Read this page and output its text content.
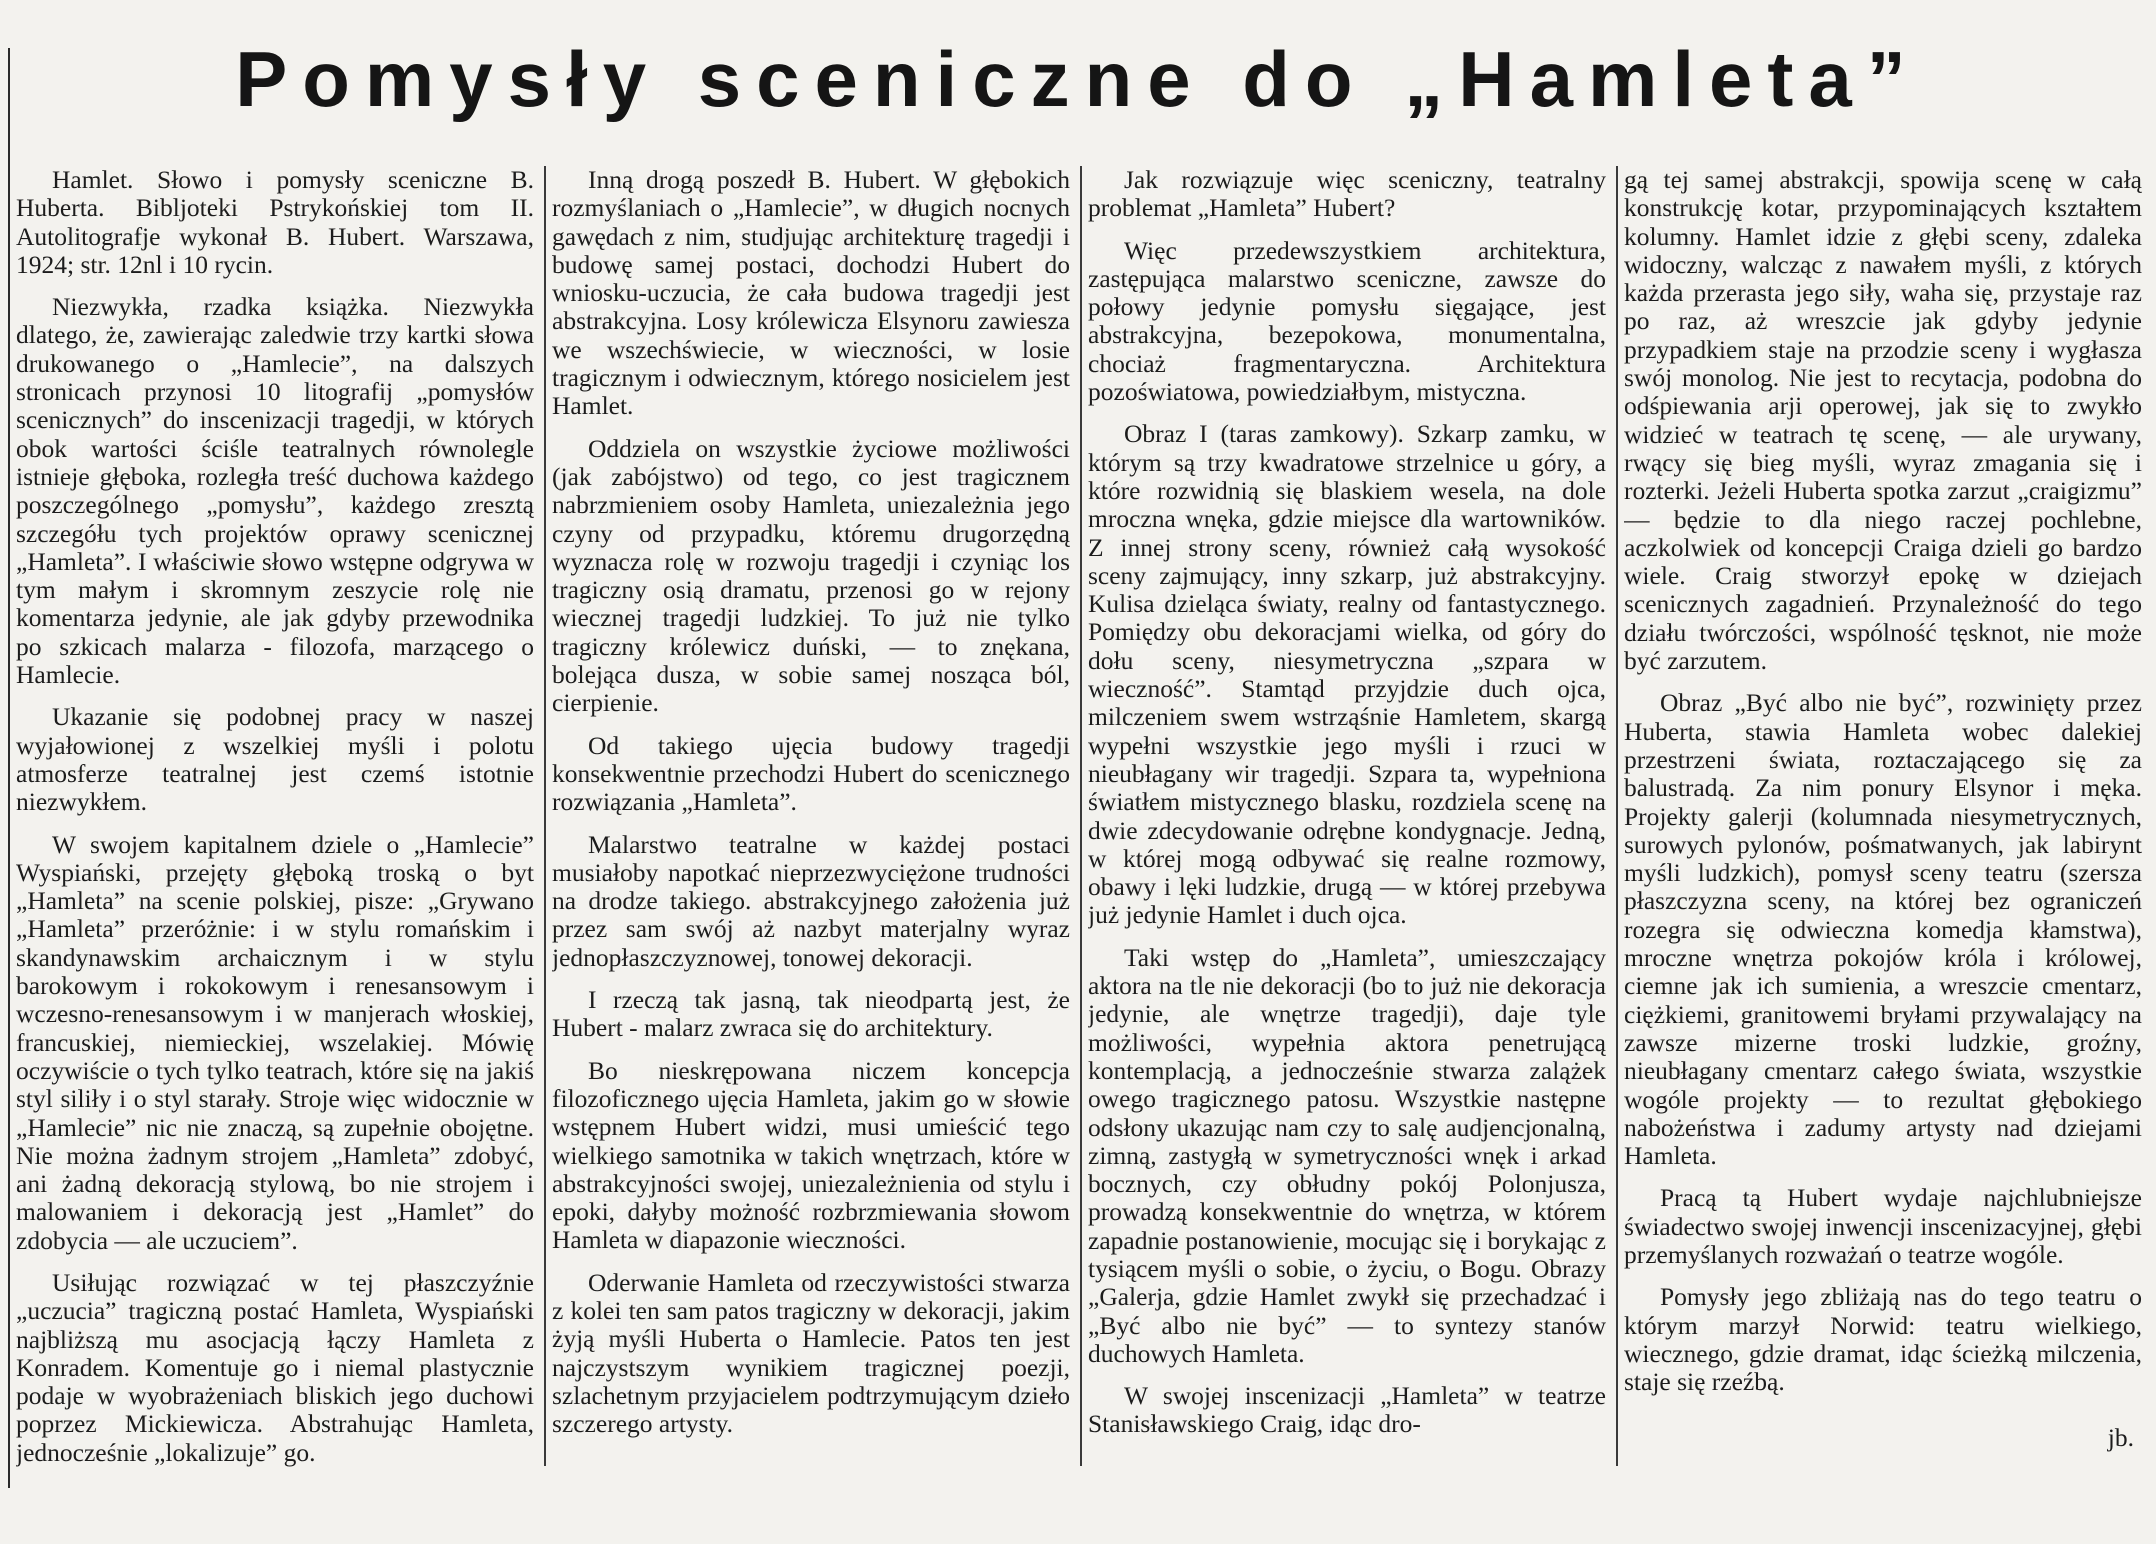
Pomysły sceniczne do „Hamleta”

Hamlet. Słowo i pomysły sceniczne B. Huberta. Bibljoteki Pstrykońskiej tom II. Autolitografje wykonał B. Hubert. Warszawa, 1924; str. 12nl i 10 rycin.

Niezwykła, rzadka książka. Niezwykła dlatego, że, zawierając zaledwie trzy kartki słowa drukowanego o „Hamlecie”, na dalszych stronicach przynosi 10 litografij „pomysłów scenicznych” do inscenizacji tragedji, w których obok wartości ściśle teatralnych równolegle istnieje głęboka, rozległa treść duchowa każdego poszczególnego „pomysłu”, każdego zresztą szczegółu tych projektów oprawy scenicznej „Hamleta”. I właściwie słowo wstępne odgrywa w tym małym i skromnym zeszycie rolę nie komentarza jedynie, ale jak gdyby przewodnika po szkicach malarza - filozofa, marzącego o Hamlecie.

Ukazanie się podobnej pracy w naszej wyjałowionej z wszelkiej myśli i polotu atmosferze teatralnej jest czemś istotnie niezwykłem.

W swojem kapitalnem dziele o „Hamlecie” Wyspiański, przejęty głęboką troską o byt „Hamleta” na scenie polskiej, pisze: „Grywano „Hamleta” przeróżnie: i w stylu romańskim i skandynawskim archaicznym i w stylu barokowym i rokokowym i renesansowym i wczesno-renesansowym i w manjerach włoskiej, francuskiej, niemieckiej, wszelakiej. Mówię oczywiście o tych tylko teatrach, które się na jakiś styl siliły i o styl starały. Stroje więc widocznie w „Hamlecie” nic nie znaczą, są zupełnie obojętne. Nie można żadnym strojem „Hamleta” zdobyć, ani żadną dekoracją stylową, bo nie strojem i malowaniem i dekoracją jest „Hamlet” do zdobycia — ale uczuciem”.

Usiłując rozwiązać w tej płaszczyźnie „uczucia” tragiczną postać Hamleta, Wyspiański najbliższą mu asocjacją łączy Hamleta z Konradem. Komentuje go i niemal plastycznie podaje w wyobrażeniach bliskich jego duchowi poprzez Mickiewicza. Abstrahując Hamleta, jednocześnie „lokalizuje” go.

Inną drogą poszedł B. Hubert. W głębokich rozmyślaniach o „Hamlecie”, w długich nocnych gawędach z nim, studjując architekturę tragedji i budowę samej postaci, dochodzi Hubert do wniosku-uczucia, że cała budowa tragedji jest abstrakcyjna. Losy królewicza Elsynoru zawiesza we wszechświecie, w wieczności, w losie tragicznym i odwiecznym, którego nosicielem jest Hamlet.

Oddziela on wszystkie życiowe możliwości (jak zabójstwo) od tego, co jest tragicznem nabrzmieniem osoby Hamleta, uniezależnia jego czyny od przypadku, któremu drugorzędną wyznacza rolę w rozwoju tragedji i czyniąc los tragiczny osią dramatu, przenosi go w rejony wiecznej tragedji ludzkiej. To już nie tylko tragiczny królewicz duński, — to znękana, bolejąca dusza, w sobie samej nosząca ból, cierpienie.

Od takiego ujęcia budowy tragedji konsekwentnie przechodzi Hubert do scenicznego rozwiązania „Hamleta”.

Malarstwo teatralne w każdej postaci musiałoby napotkać nieprzezwyciężone trudności na drodze takiego. abstrakcyjnego założenia już przez sam swój aż nazbyt materjalny wyraz jednopłaszczyznowej, tonowej dekoracji.

I rzeczą tak jasną, tak nieodpartą jest, że Hubert - malarz zwraca się do architektury.

Bo nieskrępowana niczem koncepcja filozoficznego ujęcia Hamleta, jakim go w słowie wstępnem Hubert widzi, musi umieścić tego wielkiego samotnika w takich wnętrzach, które w abstrakcyjności swojej, uniezależnienia od stylu i epoki, dałyby możność rozbrzmiewania słowom Hamleta w diapazonie wieczności.

Oderwanie Hamleta od rzeczywistości stwarza z kolei ten sam patos tragiczny w dekoracji, jakim żyją myśli Huberta o Hamlecie. Patos ten jest najczystszym wynikiem tragicznej poezji, szlachetnym przyjacielem podtrzymującym dzieło szczerego artysty.

Jak rozwiązuje więc sceniczny, teatralny problemat „Hamleta” Hubert?

Więc przedewszystkiem architektura, zastępująca malarstwo sceniczne, zawsze do połowy jedynie pomysłu sięgające, jest abstrakcyjna, bezepokowa, monumentalna, chociaż fragmentaryczna. Architektura pozoświatowa, powiedziałbym, mistyczna.

Obraz I (taras zamkowy). Szkarp zamku, w którym są trzy kwadratowe strzelnice u góry, a które rozwidnią się blaskiem wesela, na dole mroczna wnęka, gdzie miejsce dla wartowników. Z innej strony sceny, również całą wysokość sceny zajmujący, inny szkarp, już abstrakcyjny. Kulisa dzieląca światy, realny od fantastycznego. Pomiędzy obu dekoracjami wielka, od góry do dołu sceny, niesymetryczna „szpara w wieczność”. Stamtąd przyjdzie duch ojca, milczeniem swem wstrząśnie Hamletem, skargą wypełni wszystkie jego myśli i rzuci w nieubłagany wir tragedji. Szpara ta, wypełniona światłem mistycznego blasku, rozdziela scenę na dwie zdecydowanie odrębne kondygnacje. Jedną, w której mogą odbywać się realne rozmowy, obawy i lęki ludzkie, drugą — w której przebywa już jedynie Hamlet i duch ojca.

Taki wstęp do „Hamleta”, umieszczający aktora na tle nie dekoracji (bo to już nie dekoracja jedynie, ale wnętrze tragedji), daje tyle możliwości, wypełnia aktora penetrującą kontemplacją, a jednocześnie stwarza zalążek owego tragicznego patosu. Wszystkie następne odsłony ukazując nam czy to salę audjencjonalną, zimną, zastygłą w symetryczności wnęk i arkad bocznych, czy obłudny pokój Polonjusza, prowadzą konsekwentnie do wnętrza, w którem zapadnie postanowienie, mocując się i borykając z tysiącem myśli o sobie, o życiu, o Bogu. Obrazy „Galerja, gdzie Hamlet zwykł się przechadzać i „Być albo nie być” — to syntezy stanów duchowych Hamleta.

W swojej inscenizacji „Hamleta” w teatrze Stanisławskiego Craig, idąc dro-

gą tej samej abstrakcji, spowija scenę w całą konstrukcję kotar, przypominających kształtem kolumny. Hamlet idzie z głębi sceny, zdaleka widoczny, walcząc z nawałem myśli, z których każda przerasta jego siły, waha się, przystaje raz po raz, aż wreszcie jak gdyby jedynie przypadkiem staje na przodzie sceny i wygłasza swój monolog. Nie jest to recytacja, podobna do odśpiewania arji operowej, jak się to zwykło widzieć w teatrach tę scenę, — ale urywany, rwący się bieg myśli, wyraz zmagania się i rozterki. Jeżeli Huberta spotka zarzut „craigizmu” — będzie to dla niego raczej pochlebne, aczkolwiek od koncepcji Craiga dzieli go bardzo wiele. Craig stworzył epokę w dziejach scenicznych zagadnień. Przynależność do tego działu twórczości, wspólność tęsknot, nie może być zarzutem.

Obraz „Być albo nie być”, rozwinięty przez Huberta, stawia Hamleta wobec dalekiej przestrzeni świata, roztaczającego się za balustradą. Za nim ponury Elsynor i męka. Projekty galerji (kolumnada niesymetrycznych, surowych pylonów, pośmatwanych, jak labirynt myśli ludzkich), pomysł sceny teatru (szersza płaszczyzna sceny, na której bez ograniczeń rozegra się odwieczna komedja kłamstwa), mroczne wnętrza pokojów króla i królowej, ciemne jak ich sumienia, a wreszcie cmentarz, ciężkiemi, granitowemi bryłami przywalający na zawsze mizerne troski ludzkie, groźny, nieubłagany cmentarz całego świata, wszystkie wogóle projekty — to rezultat głębokiego nabożeństwa i zadumy artysty nad dziejami Hamleta.

Pracą tą Hubert wydaje najchlubniejsze świadectwo swojej inwencji inscenizacyjnej, głębi przemyślanych rozważań o teatrze wogóle.

Pomysły jego zbliżają nas do tego teatru o którym marzył Norwid: teatru wielkiego, wiecznego, gdzie dramat, idąc ścieżką milczenia, staje się rzeźbą.

jb.
